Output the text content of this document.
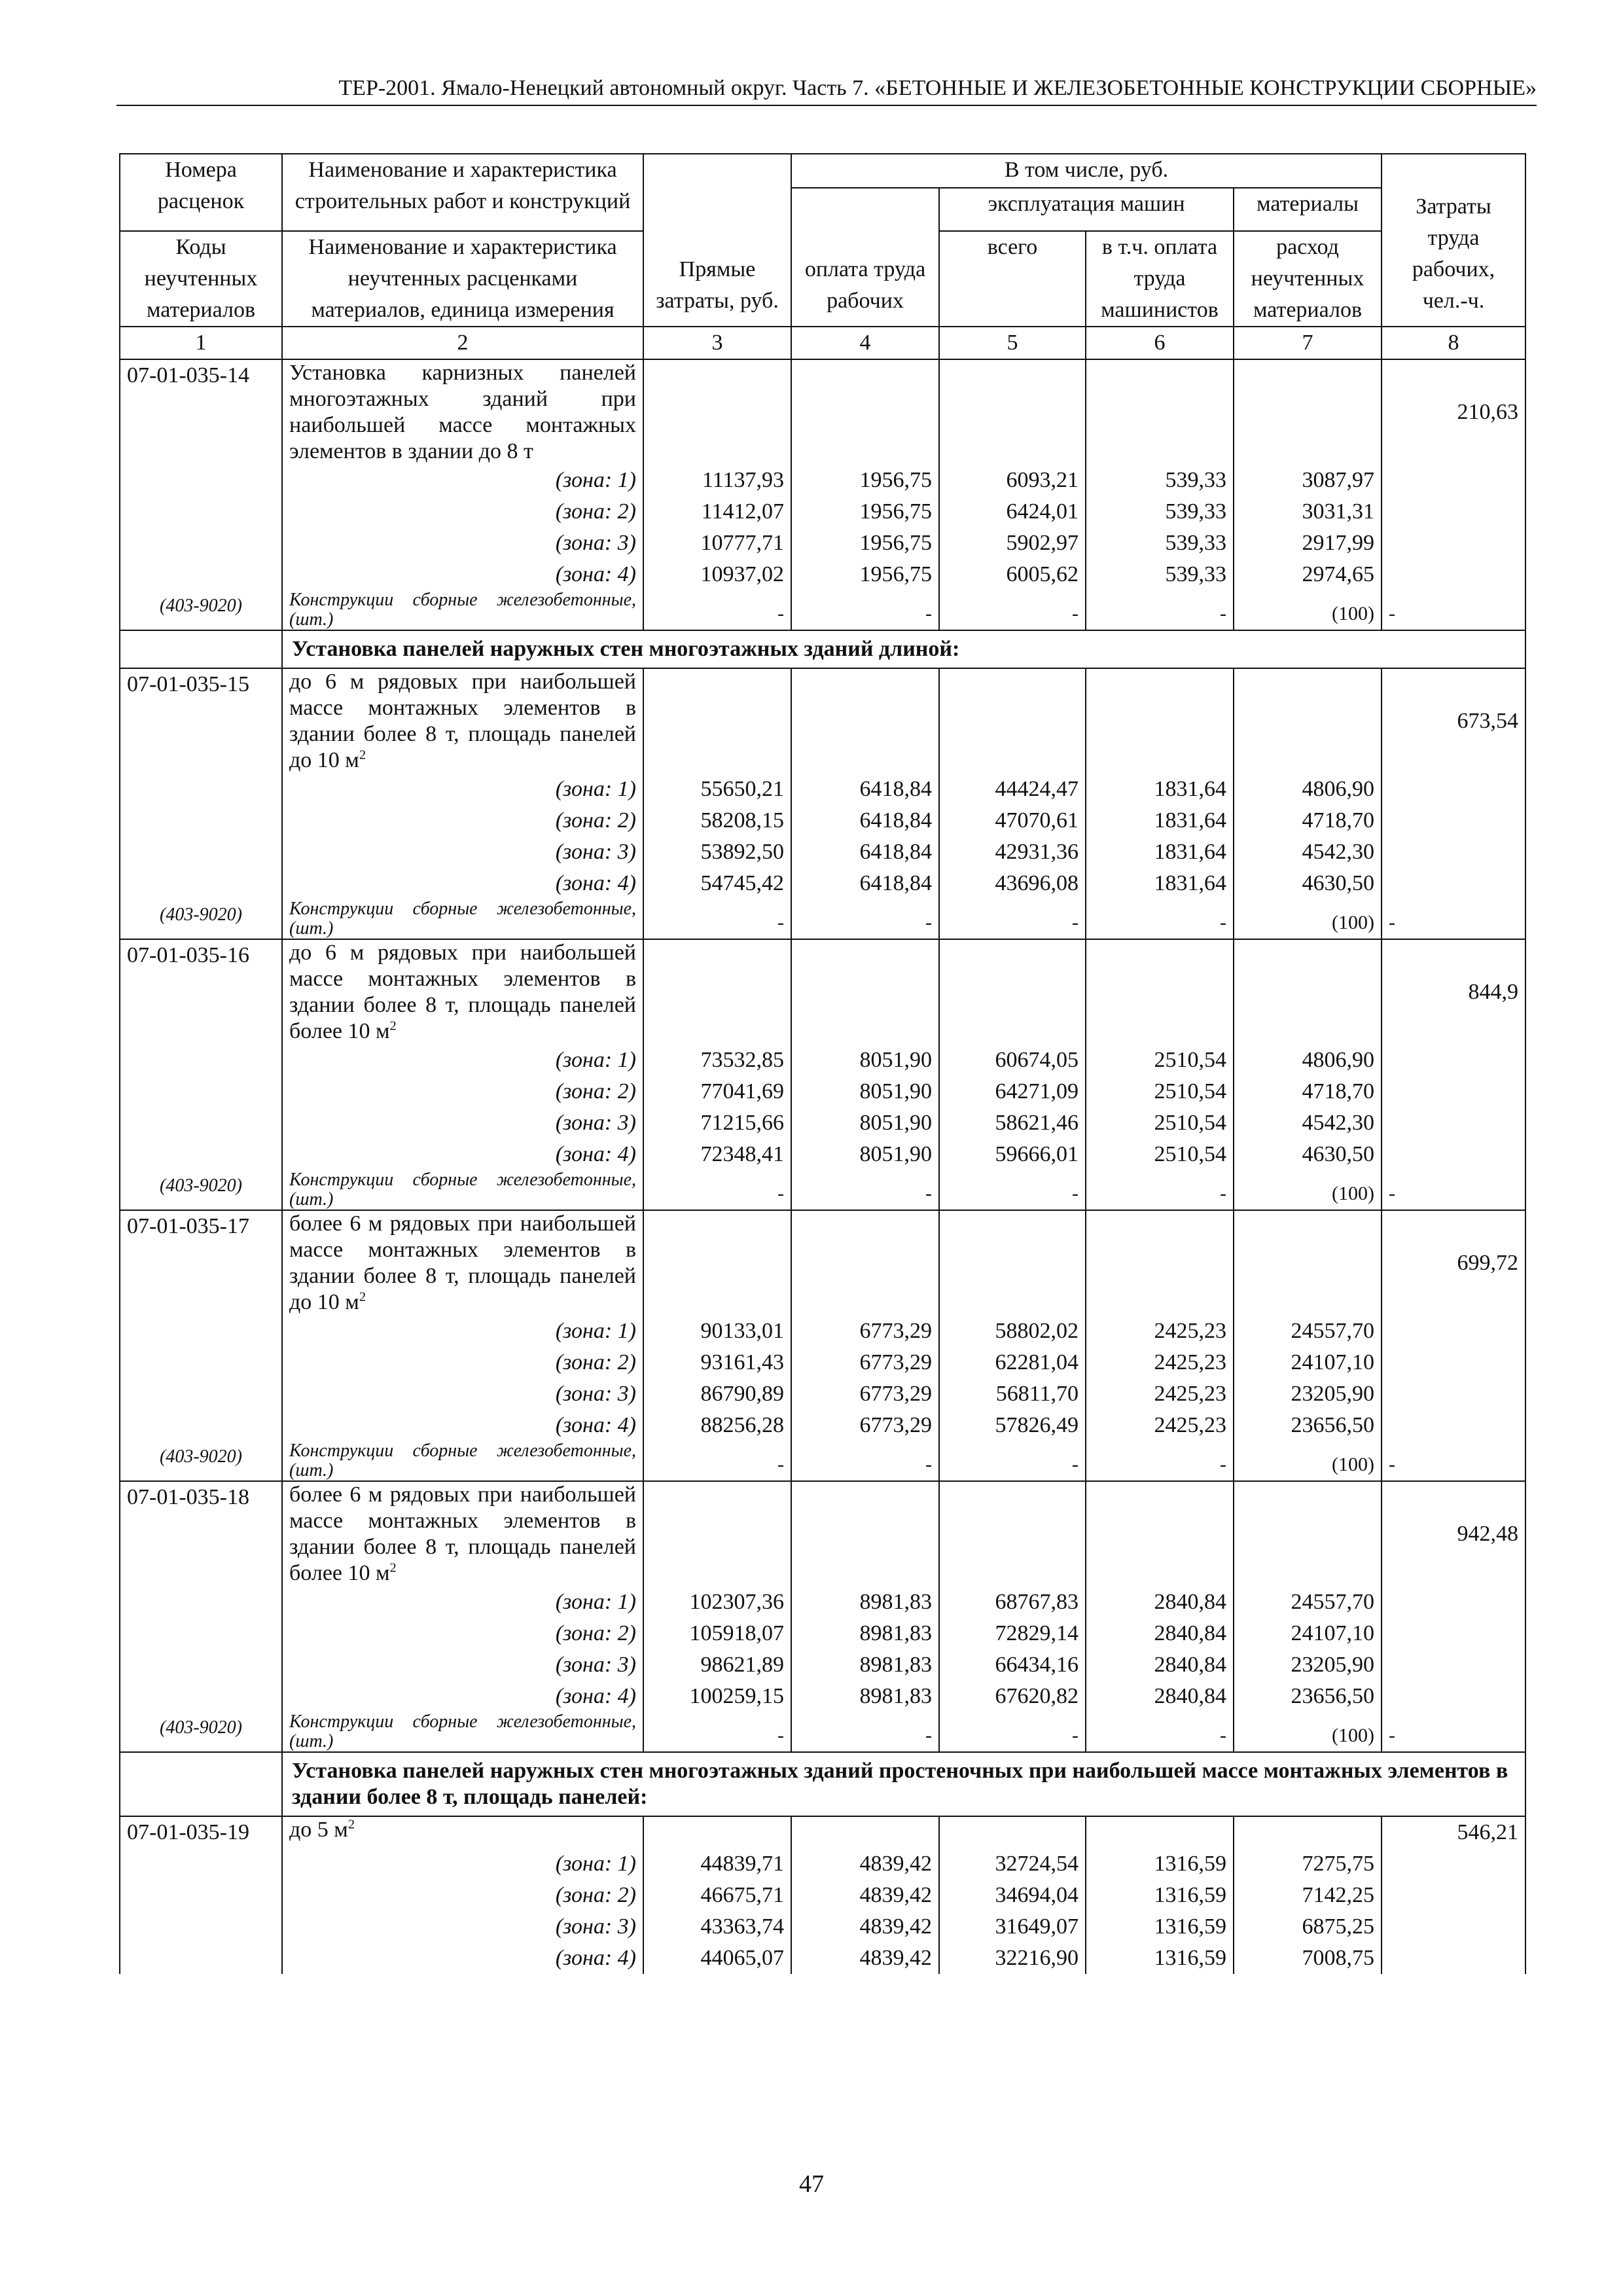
ТЕР-2001. Ямало-Ненецкий автономный округ. Часть 7. «БЕТОННЫЕ И ЖЕЛЕЗОБЕТОННЫЕ КОНСТРУКЦИИ СБОРНЫЕ»
Номера расценок	Наименование и характеристика строительных работ и конструкций	Прямые затраты, руб.	В том числе, руб.				Затраты труда рабочих, чел.-ч.
			оплата труда рабочих	эксплуатация машин		материалы	
Коды неучтенных материалов	Наименование и характеристика неучтенных расценками материалов, единица измерения			всего	в т.ч. оплата труда машинистов	расход неучтенных материалов	

1	2	3	4	5	6	7	8
07-01-035-14	Установка карнизных панелей многоэтажных зданий при наибольшей массе монтажных элементов в здании до 8 т						210,63
	(зона: 1)	11137,93	1956,75	6093,21	539,33	3087,97	
	(зона: 2)	11412,07	1956,75	6424,01	539,33	3031,31	
	(зона: 3)	10777,71	1956,75	5902,97	539,33	2917,99	
	(зона: 4)	10937,02	1956,75	6005,62	539,33	2974,65	
(403-9020)	Конструкции сборные железобетонные, (шт.)	-	-	-	-	(100)	-
	Установка панелей наружных стен многоэтажных зданий длиной:						
07-01-035-15	до 6 м рядовых при наибольшей массе монтажных элементов в здании более 8 т, площадь панелей до 10 $м^2$						673,54
	(зона: 1)	55650,21	6418,84	44424,47	1831,64	4806,90	
	(зона: 2)	58208,15	6418,84	47070,61	1831,64	4718,70	
	(зона: 3)	53892,50	6418,84	42931,36	1831,64	4542,30	
	(зона: 4)	54745,42	6418,84	43696,08	1831,64	4630,50	
(403-9020)	Конструкции сборные железобетонные, (шт.)	-	-	-	-	(100)	-
07-01-035-16	до 6 м рядовых при наибольшей массе монтажных элементов в здании более 8 т, площадь панелей более 10 $м^2$						844,9
	(зона: 1)	73532,85	8051,90	60674,05	2510,54	4806,90	
	(зона: 2)	77041,69	8051,90	64271,09	2510,54	4718,70	
	(зона: 3)	71215,66	8051,90	58621,46	2510,54	4542,30	
	(зона: 4)	72348,41	8051,90	59666,01	2510,54	4630,50	
(403-9020)	Конструкции сборные железобетонные, (шт.)	-	-	-	-	(100)	-
07-01-035-17	более 6 м рядовых при наибольшей массе монтажных элементов в здании более 8 т, площадь панелей до 10 $м^2$						699,72
	(зона: 1)	90133,01	6773,29	58802,02	2425,23	24557,70	
	(зона: 2)	93161,43	6773,29	62281,04	2425,23	24107,10	
	(зона: 3)	86790,89	6773,29	56811,70	2425,23	23205,90	
	(зона: 4)	88256,28	6773,29	57826,49	2425,23	23656,50	
(403-9020)	Конструкции сборные железобетонные, (шт.)	-	-	-	-	(100)	-
07-01-035-18	более 6 м рядовых при наибольшей массе монтажных элементов в здании более 8 т, площадь панелей более 10 $м^2$						942,48
	(зона: 1)	102307,36	8981,83	68767,83	2840,84	24557,70	
	(зона: 2)	105918,07	8981,83	72829,14	2840,84	24107,10	
	(зона: 3)	98621,89	8981,83	66434,16	2840,84	23205,90	
	(зона: 4)	100259,15	8981,83	67620,82	2840,84	23656,50	
(403-9020)	Конструкции сборные железобетонные, (шт.)	-	-	-	-	(100)	-
	Установка панелей наружных стен многоэтажных зданий простеночных при наибольшей массе монтажных элементов в здании более 8 т, площадь панелей:						
07-01-035-19	до 5 $м^2$						546,21
	(зона: 1)	44839,71	4839,42	32724,54	1316,59	7275,75	
	(зона: 2)	46675,71	4839,42	34694,04	1316,59	7142,25	
	(зона: 3)	43363,74	4839,42	31649,07	1316,59	6875,25	
	(зона: 4)	44065,07	4839,42	32216,90	1316,59	7008,75	
47
